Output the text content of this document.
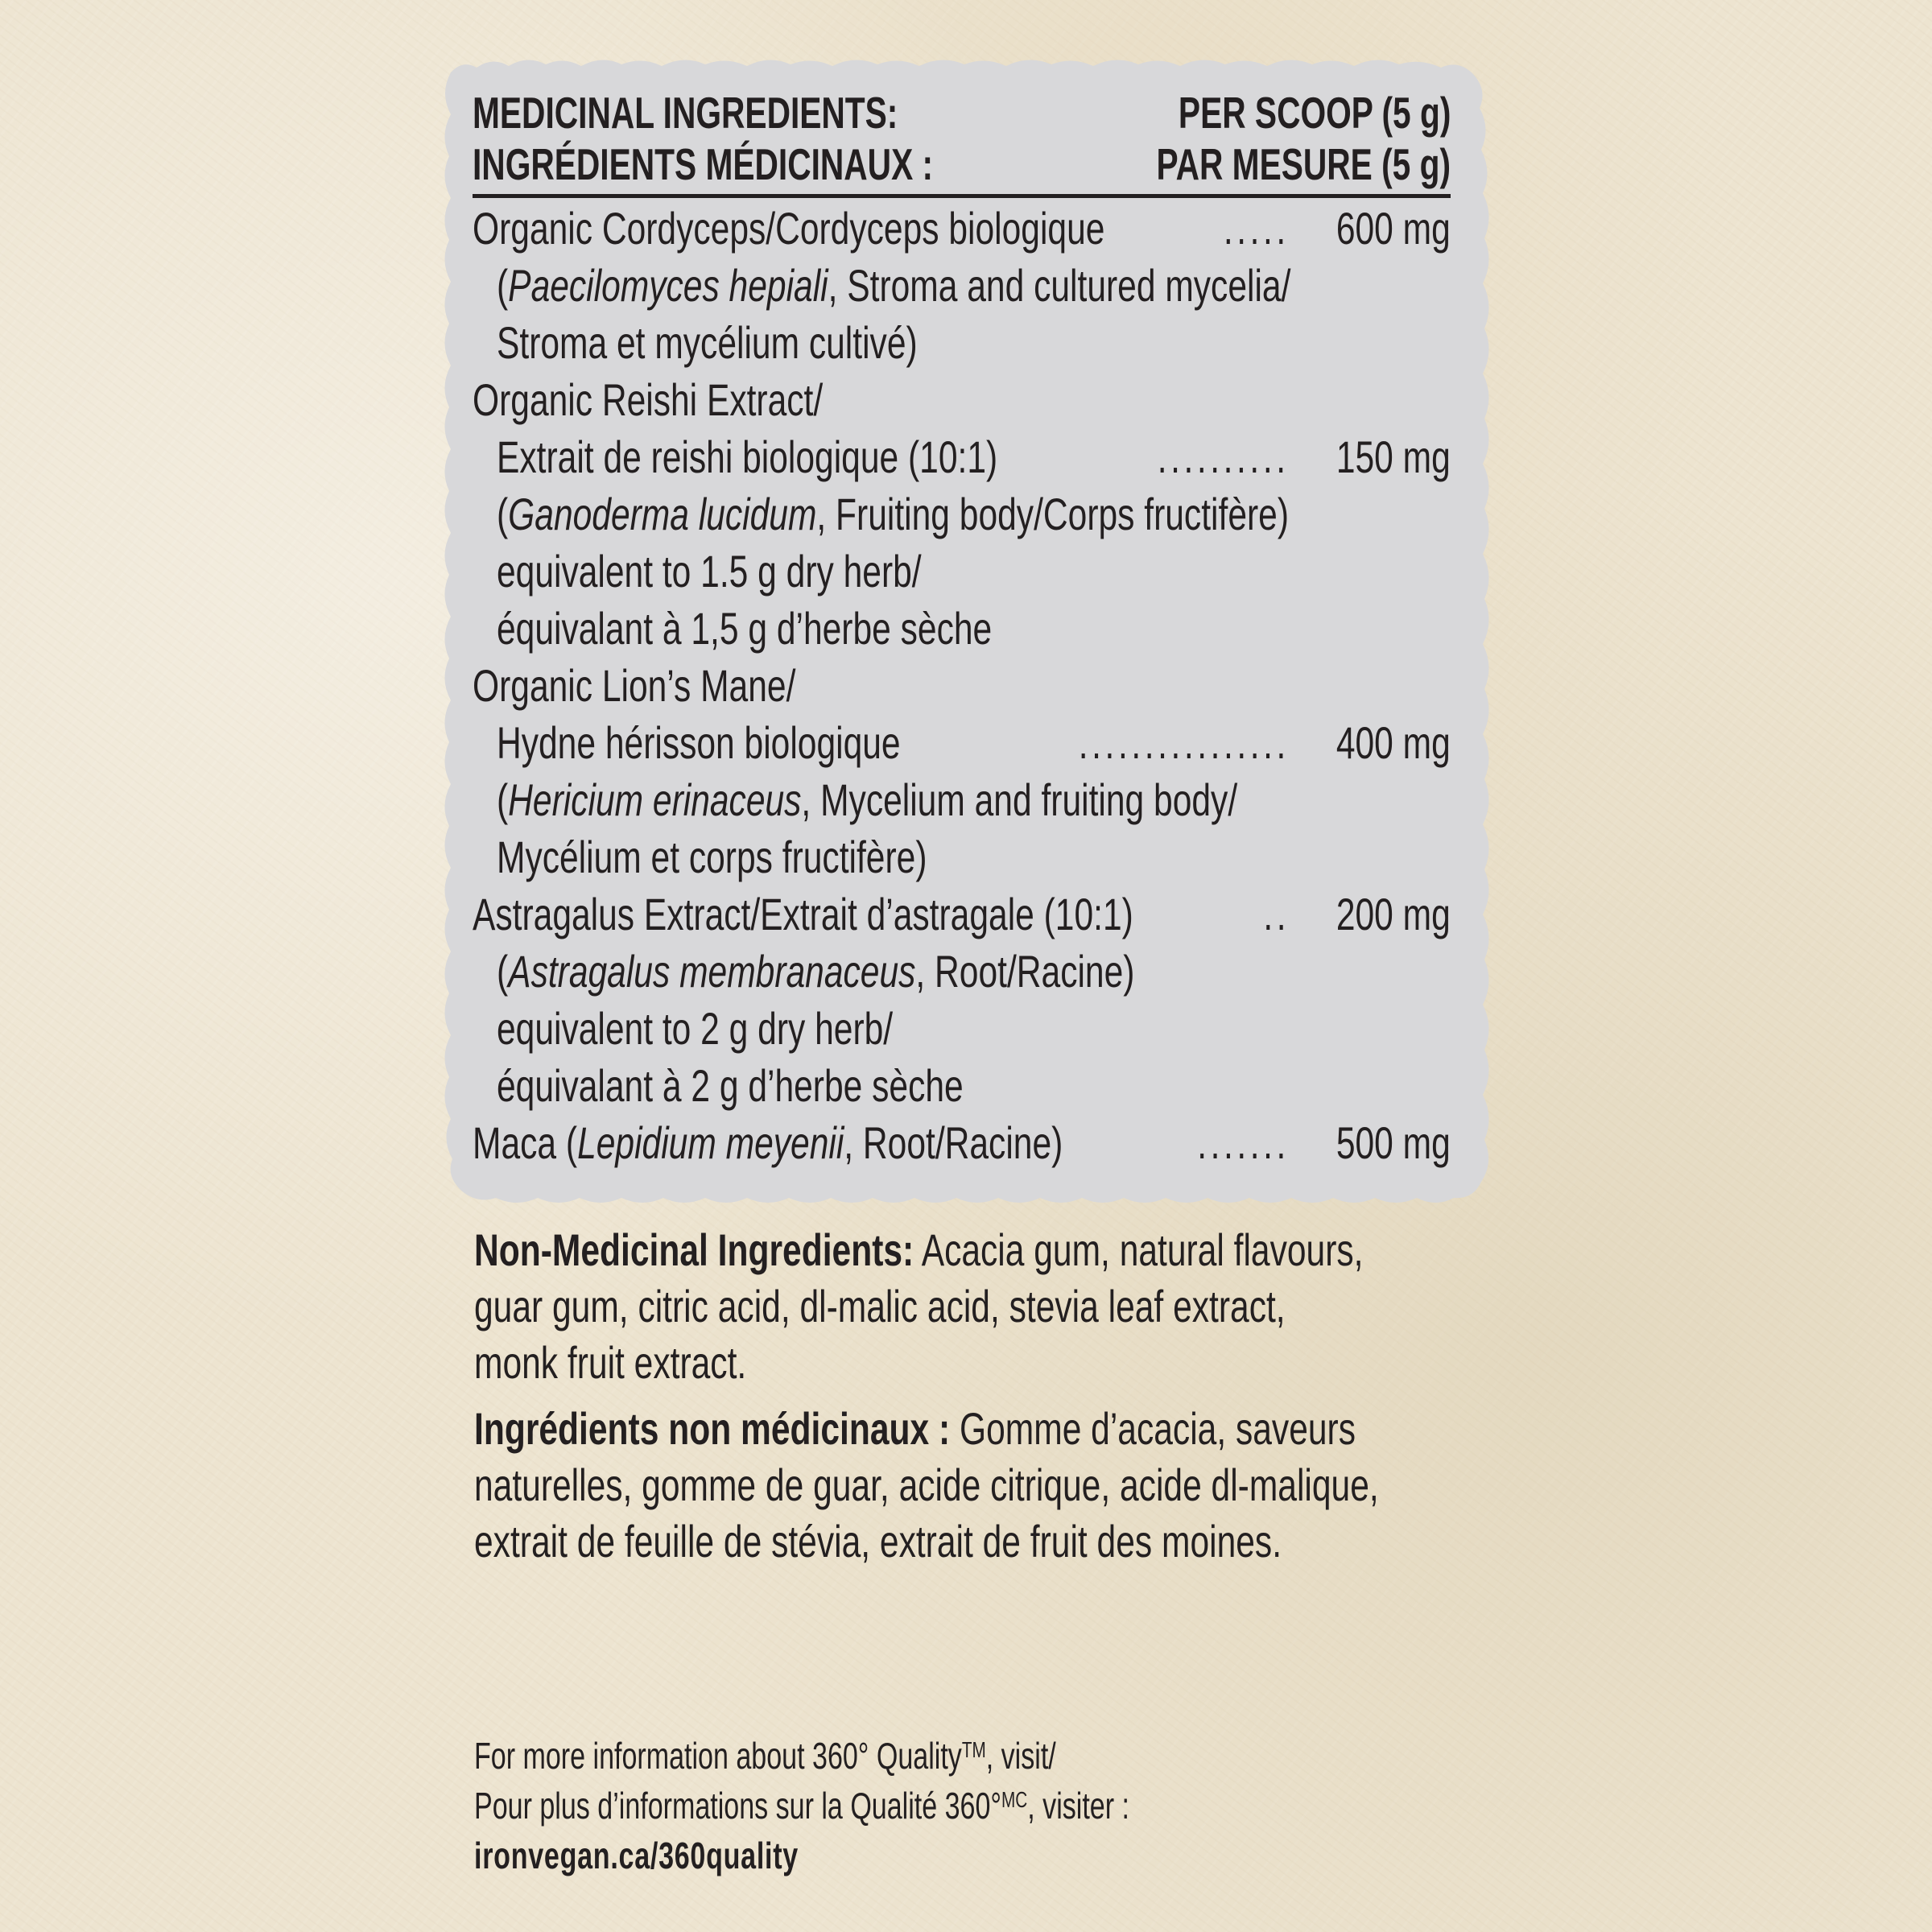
MEDICINAL INGREDIENTS:	PER SCOOP (5 g)
INGRÉDIENTS MÉDICINAUX :	PAR MESURE (5 g)
Organic Cordyceps/Cordyceps biologique	..... 600 mg
(Paecilomyces hepiali, Stroma and cultured mycelia/
Stroma et mycélium cultivé)
Organic Reishi Extract/
Extrait de reishi biologique (10:1)	.......... 150 mg
(Ganoderma lucidum, Fruiting body/Corps fructifère)
equivalent to 1.5 g dry herb/
équivalant à 1,5 g d’herbe sèche
Organic Lion’s Mane/
Hydne hérisson biologique	................ 400 mg
(Hericium erinaceus, Mycelium and fruiting body/
Mycélium et corps fructifère)
Astragalus Extract/Extrait d’astragale (10:1)	.. 200 mg
(Astragalus membranaceus, Root/Racine)
equivalent to 2 g dry herb/
équivalant à 2 g d’herbe sèche
Maca (Lepidium meyenii, Root/Racine)	....... 500 mg
Non-Medicinal Ingredients: Acacia gum, natural flavours,
guar gum, citric acid, dl-malic acid, stevia leaf extract,
monk fruit extract.
Ingrédients non médicinaux : Gomme d’acacia, saveurs
naturelles, gomme de guar, acide citrique, acide dl-malique,
extrait de feuille de stévia, extrait de fruit des moines.
For more information about 360° Quality™, visit/
Pour plus d’informations sur la Qualité 360°$^{MC}$, visiter :
ironvegan.ca/360quality
